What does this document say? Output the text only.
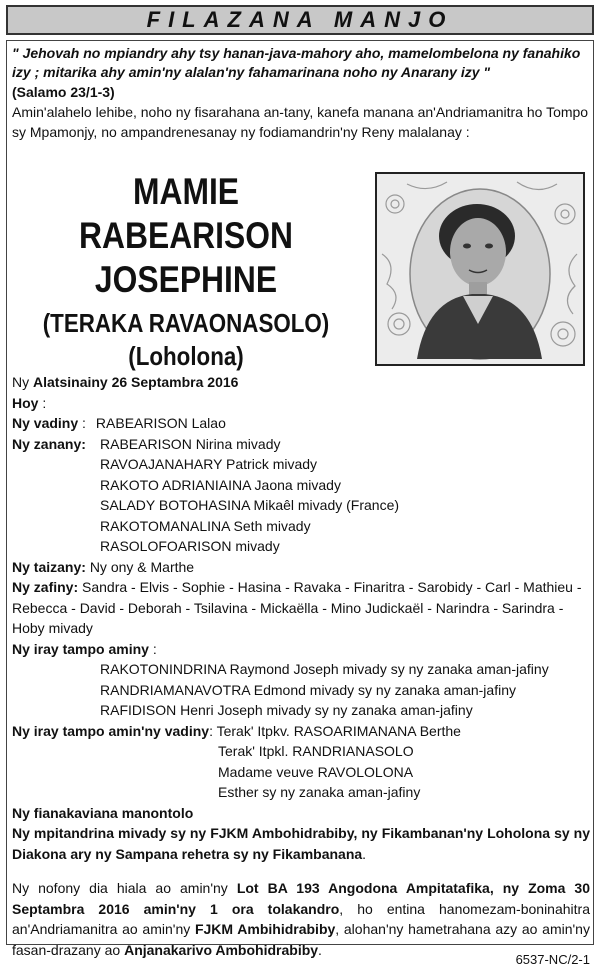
FILAZANA MANJO
" Jehovah no mpiandry ahy tsy hanan-java-mahory aho, mamelombelona ny fanahiko izy ; mitarika ahy amin'ny alalan'ny fahamarinana noho ny Anarany izy "
(Salamo 23/1-3)
Amin'alahelo lehibe, noho ny fisarahana an-tany, kanefa manana an'Andriamanitra ho Tompo sy Mpamonjy, no ampandrenesanay ny fodiamandrin'ny Reny malalanay :
MAMIE RABEARISON
JOSEPHINE
(TERAKA RAVAONASOLO)
(Loholona)
Ny Alatsinainy 26 Septambra 2016
Hoy :
Ny vadiny : RABEARISON Lalao
Ny zanany: RABEARISON Nirina mivady
RAVOAJANAHARY Patrick mivady
RAKOTO ADRIANIAINA Jaona mivady
SALADY BOTOHASINA Mikaêl mivady (France)
RAKOTOMANALINA Seth mivady
RASOLOFOARISON mivady
Ny taizany: Ny ony & Marthe
Ny zafiny: Sandra - Elvis - Sophie - Hasina - Ravaka - Finaritra - Sarobidy - Carl - Mathieu -
Rebecca - David - Deborah - Tsilavina - Mickaëlla - Mino Judickaël - Narindra - Sarindra -
Hoby mivady
Ny iray tampo aminy :
RAKOTONINDRINA Raymond Joseph mivady sy ny zanaka aman-jafiny
RANDRIAMANAVOTRA Edmond mivady sy ny zanaka aman-jafiny
RAFIDISON Henri Joseph mivady sy ny zanaka aman-jafiny
Ny iray tampo amin'ny vadiny: Terak' Itpkv. RASOARIMANANA Berthe
Terak' Itpkl. RANDRIANASOLO
Madame veuve RAVOLOLONA
Esther sy ny zanaka aman-jafiny
Ny fianakaviana manontolo
Ny mpitandrina mivady sy ny FJKM Ambohidrabiby, ny Fikambanan'ny Loholona sy ny Diakona ary ny Sampana rehetra sy ny Fikambanana.
Ny nofony dia hiala ao amin'ny Lot BA 193 Angodona Ampitatafika, ny Zoma 30 Septambra 2016 amin'ny 1 ora tolakandro, ho entina hanomezam-boninahitra an'Andriamanitra ao amin'ny FJKM Ambihidrabiby, alohan'ny hametrahana azy ao amin'ny fasan-drazany ao Anjanakarivo Ambohidrabiby.
6537-NC/2-1
